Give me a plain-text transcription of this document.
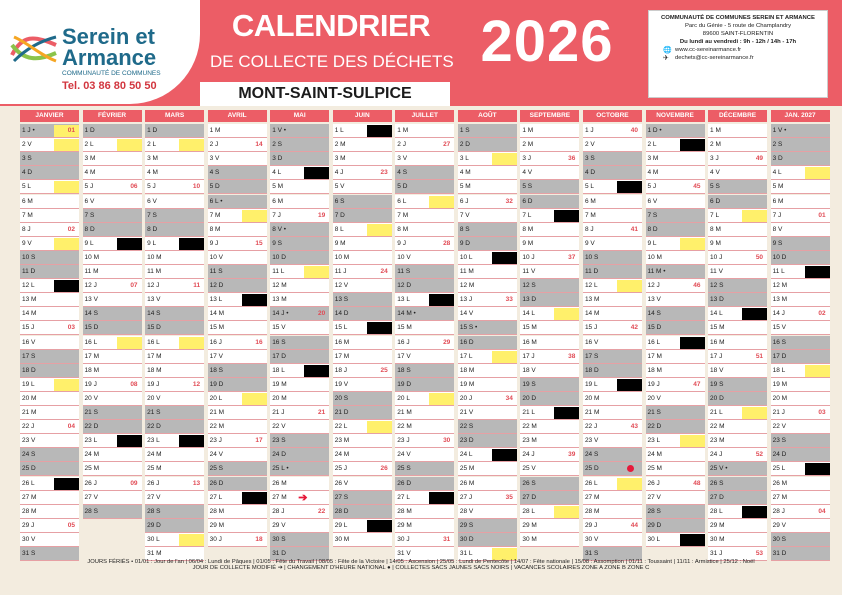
Serein et
Armance
COMMUNAUTÉ DE COMMUNES
Tel. 03 86 80 50 50
CALENDRIER
DE COLLECTE DES DÉCHETS 2026
MONT-SAINT-SULPICE
COMMUNAUTÉ DE COMMUNES SEREIN ET ARMANCE
Parc du Génie - 5 route de Champlandry
89600 SAINT-FLORENTIN
Du lundi au vendredi : 9h - 12h / 14h - 17h
🌐 www.cc-sereinarmance.fr
✈ dechets@cc-sereinarmance.fr
JANVIER
1 J •	01
2 V
3 S
4 D
5 L
6 M
7 M
8 J	02
9 V
10 S
11 D
12 L
13 M
14 M
15 J	03
16 V
17 S
18 D
19 L
20 M
21 M
22 J	04
23 V
24 S
25 D
26 L
27 M
28 M
29 J	05
30 V
31 S
FÉVRIER
1 D
2 L
3 M
4 M
5 J	06
6 V
7 S
8 D
9 L
10 M
11 M
12 J	07
13 V
14 S
15 D
16 L
17 M
18 M
19 J	08
20 V
21 S
22 D
23 L
24 M
25 M
26 J	09
27 V
28 S
MARS
1 D
2 L
3 M
4 M
5 J	10
6 V
7 S
8 D
9 L
10 M
11 M
12 J	11
13 V
14 S
15 D
16 L
17 M
18 M
19 J	12
20 V
21 S
22 D
23 L
24 M
25 M
26 J	13
27 V
28 S
29 D
30 L
31 M
AVRIL
1 M
2 J	14
3 V
4 S
5 D
6 L •
7 M
8 M
9 J	15
10 V
11 S
12 D
13 L
14 M
15 M
16 J	16
17 V
18 S
19 D
20 L
21 M
22 M
23 J	17
24 V
25 S
26 D
27 L
28 M
29 M
30 J	18
MAI
1 V •
2 S
3 D
4 L
5 M
6 M
7 J	19
8 V •
9 S
10 D
11 L
12 M
13 M
14 J •	20
15 V
16 S
17 D
18 L
19 M
20 M
21 J	21
22 V
23 S
24 D
25 L •
26 M
27 M ➔
28 J	22
29 V
30 S
31 D
JUIN
1 L
2 M
3 M
4 J	23
5 V
6 S
7 D
8 L
9 M
10 M
11 J	24
12 V
13 S
14 D
15 L
16 M
17 M
18 J	25
19 V
20 S
21 D
22 L
23 M
24 M
25 J	26
26 V
27 S
28 D
29 L
30 M
JUILLET
1 M
2 J	27
3 V
4 S
5 D
6 L
7 M
8 M
9 J	28
10 V
11 S
12 D
13 L
14 M •
15 M
16 J	29
17 V
18 S
19 D
20 L
21 M
22 M
23 J	30
24 V
25 S
26 D
27 L
28 M
29 M
30 J	31
31 V
AOÛT
1 S
2 D
3 L
4 M
5 M
6 J	32
7 V
8 S
9 D
10 L
11 M
12 M
13 J	33
14 V
15 S •
16 D
17 L
18 M
19 M
20 J	34
21 V
22 S
23 D
24 L
25 M
26 M
27 J	35
28 V
29 S
30 D
31 L
SEPTEMBRE
1 M
2 M
3 J	36
4 V
5 S
6 D
7 L
8 M
9 M
10 J	37
11 V
12 S
13 D
14 L
15 M
16 M
17 J	38
18 V
19 S
20 D
21 L
22 M
23 M
24 J	39
25 V
26 S
27 D
28 L
29 M
30 M
OCTOBRE
1 J	40
2 V
3 S
4 D
5 L
6 M
7 M
8 J	41
9 V
10 S
11 D
12 L
13 M
14 M
15 J	42
16 V
17 S
18 D
19 L
20 M
21 M
22 J	43
23 V
24 S
25 D
26 L
27 M
28 M
29 J	44
30 V
31 S
NOVEMBRE
1 D •
2 L
3 M
4 M
5 J	45
6 V
7 S
8 D
9 L
10 M
11 M •
12 J	46
13 V
14 S
15 D
16 L
17 M
18 M
19 J	47
20 V
21 S
22 D
23 L
24 M
25 M
26 J	48
27 V
28 S
29 D
30 L
DÉCEMBRE
1 M
2 M
3 J	49
4 V
5 S
6 D
7 L
8 M
9 M
10 J	50
11 V
12 S
13 D
14 L
15 M
16 M
17 J	51
18 V
19 S
20 D
21 L
22 M
23 M
24 J	52
25 V •
26 S
27 D
28 L
29 M
30 M
31 J	53
JAN. 2027
1 V •
2 S
3 D
4 L
5 M
6 M
7 J	01
8 V
9 S
10 D
11 L
12 M
13 M
14 J	02
15 V
16 S
17 D
18 L
19 M
20 M
21 J	03
22 V
23 S
24 D
25 L
26 M
27 M
28 J	04
29 V
30 S
31 D
JOURS FÉRIÉS • 01/01 : Jour de l'an | 06/04 : Lundi de Pâques | 01/05 : Fête du Travail | 08/05 : Fête de la Victoire | 14/05 : Ascension | 25/05 : Lundi de Pentecôte | 14/07 : Fête nationale | 15/08 : Assomption | 01/11 : Toussaint | 11/11 : Armistice | 25/12 : Noël
JOUR DE COLLECTE MODIFIÉ ➔ | CHANGEMENT D'HEURE NATIONAL ● | COLLECTES SACS JAUNES SACS NOIRS | VACANCES SCOLAIRES ZONE A ZONE B ZONE C
